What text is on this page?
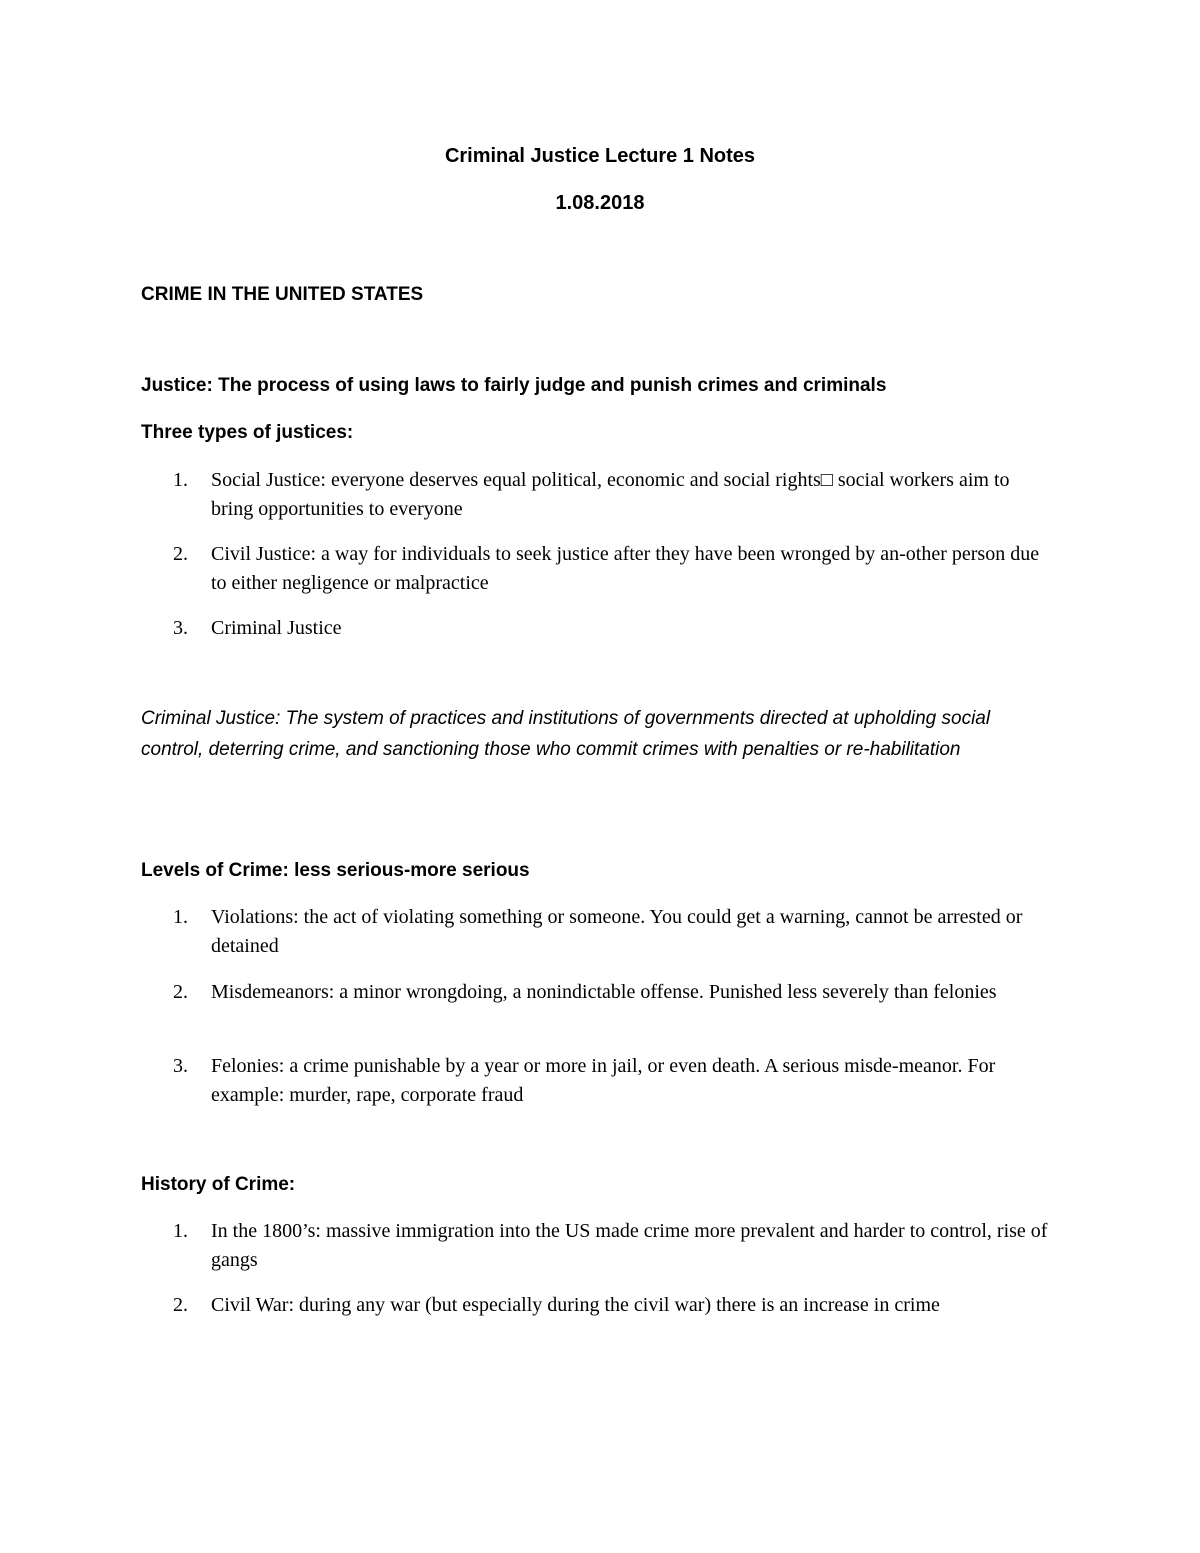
Criminal Justice Lecture 1 Notes
1.08.2018
CRIME IN THE UNITED STATES
Justice: The process of using laws to fairly judge and punish crimes and criminals
Three types of justices:
1.	Social Justice: everyone deserves equal political, economic and social rights□ social workers aim to bring opportunities to everyone
2.	Civil Justice: a way for individuals to seek justice after they have been wronged by an-other person due to either negligence or malpractice
3.	Criminal Justice
Criminal Justice: The system of practices and institutions of governments directed at upholding social control, deterring crime, and sanctioning those who commit crimes with penalties or re-habilitation
Levels of Crime: less serious-more serious
1.	Violations: the act of violating something or someone. You could get a warning, cannot be arrested or detained
2.	Misdemeanors: a minor wrongdoing, a nonindictable offense. Punished less severely than felonies
3.	Felonies: a crime punishable by a year or more in jail, or even death. A serious misde-meanor. For example: murder, rape, corporate fraud
History of Crime:
1.	In the 1800’s: massive immigration into the US made crime more prevalent and harder to control, rise of gangs
2.	Civil War: during any war (but especially during the civil war) there is an increase in crime
